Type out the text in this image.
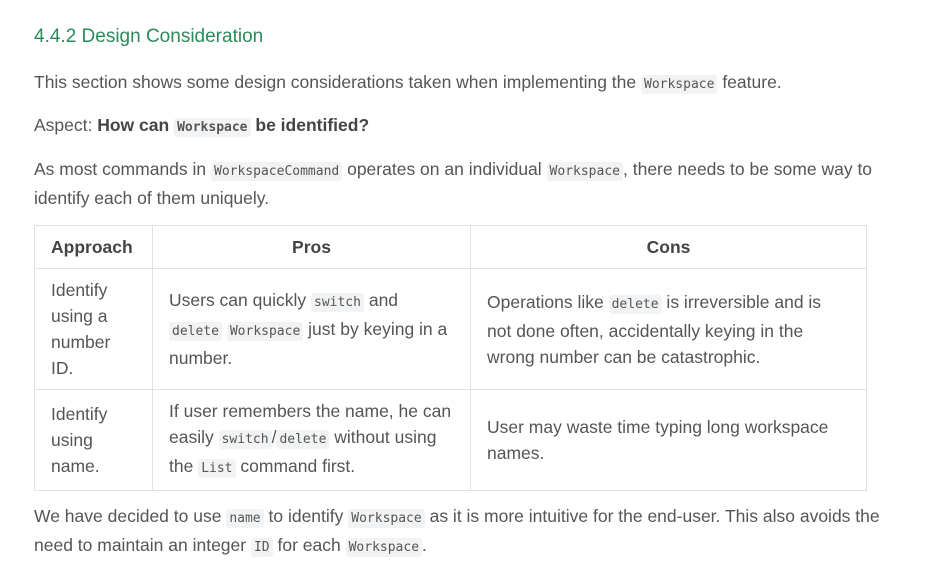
4.4.2 Design Consideration

This section shows some design considerations taken when implementing the Workspace feature.

Aspect: How can Workspace be identified?

As most commands in WorkspaceCommand operates on an individual Workspace , there needs to be some way to identify each of them uniquely.

Approach	Pros	Cons
Identify using a number ID.	Users can quickly switch and delete Workspace just by keying in a number.	Operations like delete is irreversible and is not done often, accidentally keying in the wrong number can be catastrophic.
Identify using name.	If user remembers the name, he can easily switch / delete without using the List command first.	User may waste time typing long workspace names.

We have decided to use name to identify Workspace as it is more intuitive for the end-user. This also avoids the need to maintain an integer ID for each Workspace .
